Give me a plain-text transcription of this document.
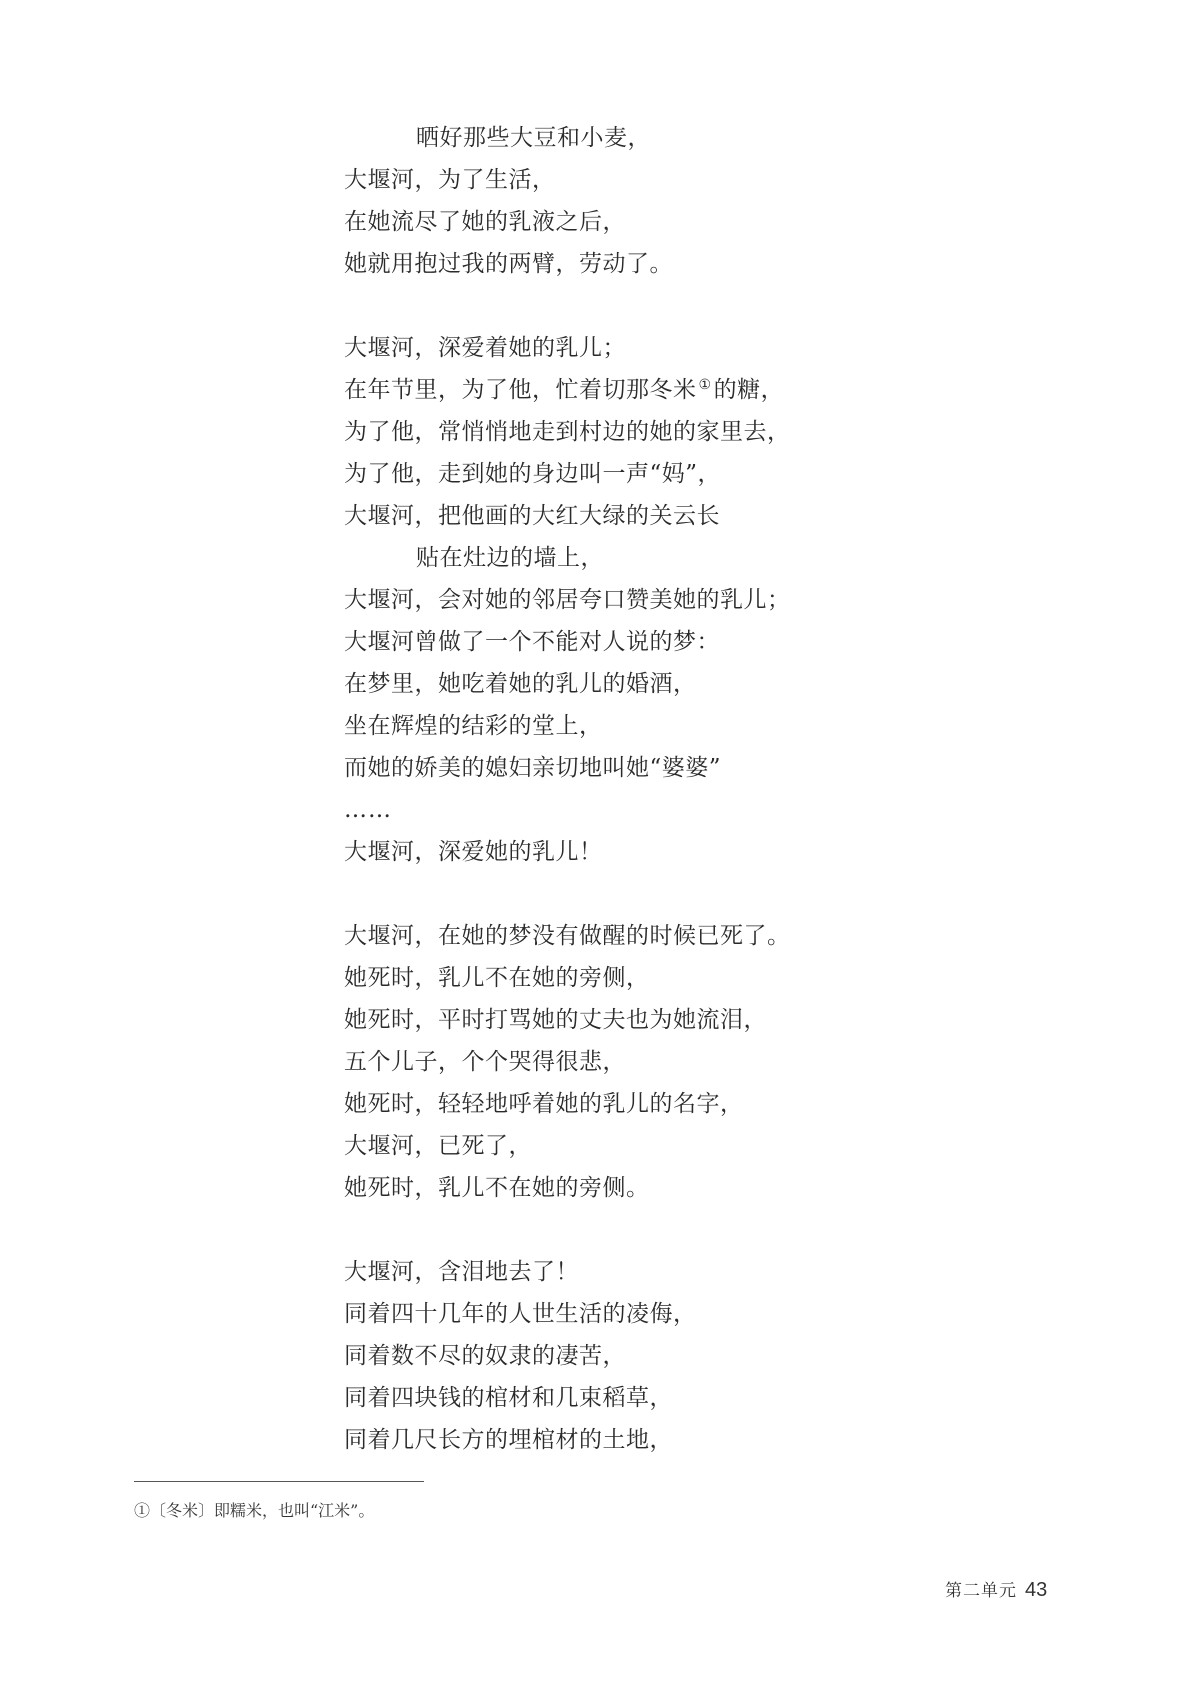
晒好那些大豆和小麦，
大堰河，为了生活，
在她流尽了她的乳液之后，
她就用抱过我的两臂，劳动了。
大堰河，深爱着她的乳儿；
在年节里，为了他，忙着切那冬米 ①的糖，
为了他，常悄悄地走到村边的她的家里去，
为了他，走到她的身边叫一声“妈”，
大堰河，把他画的大红大绿的关云长
贴在灶边的墙上，
大堰河，会对她的邻居夸口赞美她的乳儿；
大堰河曾做了一个不能对人说的梦：
在梦里，她吃着她的乳儿的婚酒，
坐在辉煌的结彩的堂上，
而她的娇美的媳妇亲切地叫她“婆婆”
……
大堰河，深爱她的乳儿！
大堰河，在她的梦没有做醒的时候已死了。
她死时，乳儿不在她的旁侧，
她死时，平时打骂她的丈夫也为她流泪，
五个儿子，个个哭得很悲，
她死时，轻轻地呼着她的乳儿的名字，
大堰河，已死了，
她死时，乳儿不在她的旁侧。
大堰河，含泪地去了！
同着四十几年的人世生活的凌侮，
同着数不尽的奴隶的凄苦，
同着四块钱的棺材和几束稻草，
同着几尺长方的埋棺材的土地，
①〔冬米〕即糯米，也叫“江米”。
第二单元 43
